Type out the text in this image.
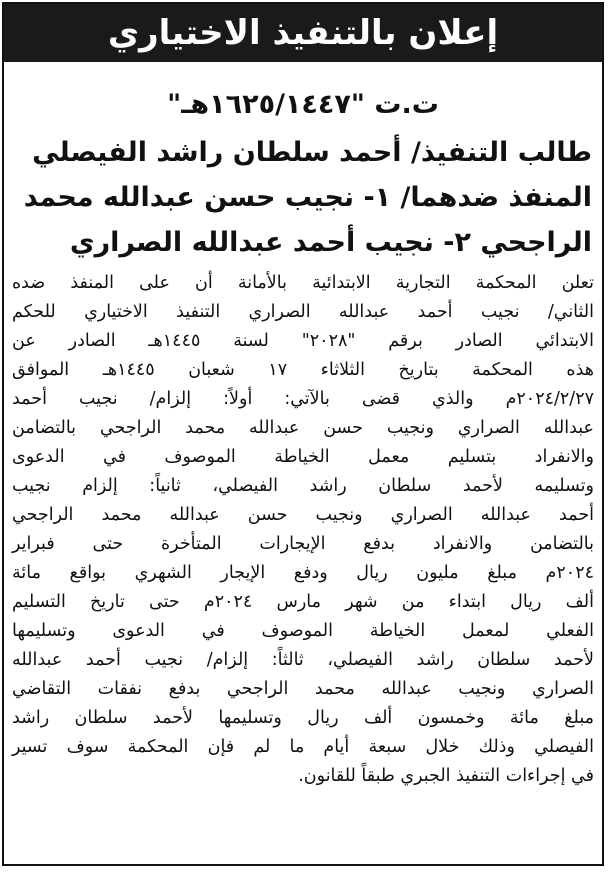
إعلان بالتنفيذ الاختياري
ت.ت "١٦٢٥/١٤٤٧هـ"
طالب التنفيذ/ أحمد سلطان راشد الفيصلي
المنفذ ضدهما/ ١- نجيب حسن عبدالله محمد
الراجحي ٢- نجيب أحمد عبدالله الصراري
تعلن المحكمة التجارية الابتدائية بالأمانة أن على المنفذ ضده
الثاني/ نجيب أحمد عبدالله الصراري التنفيذ الاختياري للحكم
الابتدائي الصادر برقم "٢٠٢٨" لسنة ١٤٤٥هـ الصادر عن
هذه المحكمة بتاريخ الثلاثاء ١٧ شعبان ١٤٤٥هـ الموافق
٢٠٢٤/٢/٢٧م والذي قضى بالآتي: أولاً: إلزام/ نجيب أحمد
عبدالله الصراري ونجيب حسن عبدالله محمد الراجحي بالتضامن
والانفراد بتسليم معمل الخياطة الموصوف في الدعوى
وتسليمه لأحمد سلطان راشد الفيصلي، ثانياً: إلزام نجيب
أحمد عبدالله الصراري ونجيب حسن عبدالله محمد الراجحي
بالتضامن والانفراد بدفع الإيجارات المتأخرة حتى فبراير
٢٠٢٤م مبلغ مليون ريال ودفع الإيجار الشهري بواقع مائة
ألف ريال ابتداء من شهر مارس ٢٠٢٤م حتى تاريخ التسليم
الفعلي لمعمل الخياطة الموصوف في الدعوى وتسليمها
لأحمد سلطان راشد الفيصلي، ثالثاً: إلزام/ نجيب أحمد عبدالله
الصراري ونجيب عبدالله محمد الراجحي بدفع نفقات التقاضي
مبلغ مائة وخمسون ألف ريال وتسليمها لأحمد سلطان راشد
الفيصلي وذلك خلال سبعة أيام ما لم فإن المحكمة سوف تسير
في إجراءات التنفيذ الجبري طبقاً للقانون.
